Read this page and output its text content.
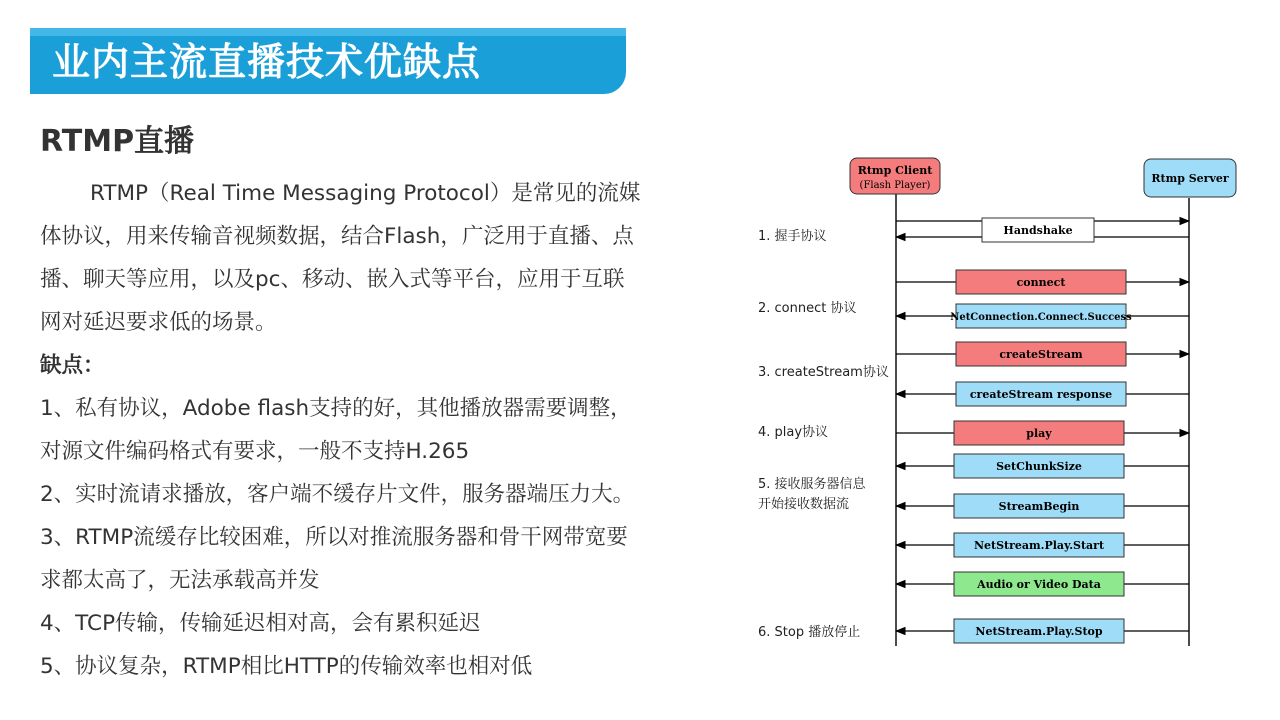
业内主流直播技术优缺点
RTMP直播

RTMP（Real Time Messaging Protocol）是常见的流媒

体协议，用来传输音视频数据，结合Flash，广泛用于直播、点

播、聊天等应用，以及pc、移动、嵌入式等平台，应用于互联

网对延迟要求低的场景。

缺点：

1、私有协议，Adobe flash支持的好，其他播放器需要调整，

对源文件编码格式有要求，一般不支持H.265

2、实时流请求播放，客户端不缓存片文件，服务器端压力大。

3、RTMP流缓存比较困难，所以对推流服务器和骨干网带宽要

求都太高了，无法承载高并发

4、TCP传输，传输延迟相对高，会有累积延迟

5、协议复杂，RTMP相比HTTP的传输效率也相对低

Rtmp Client
(Flash Player)
Rtmp Server
1. 握手协议
2. connect 协议
3. createStream协议
4. play协议
5. 接收服务器信息
开始接收数据流
6. Stop 播放停止
Handshake
connect
NetConnection.Connect.Success
createStream
createStream response
play
SetChunkSize
StreamBegin
NetStream.Play.Start
Audio or Video Data
NetStream.Play.Stop
